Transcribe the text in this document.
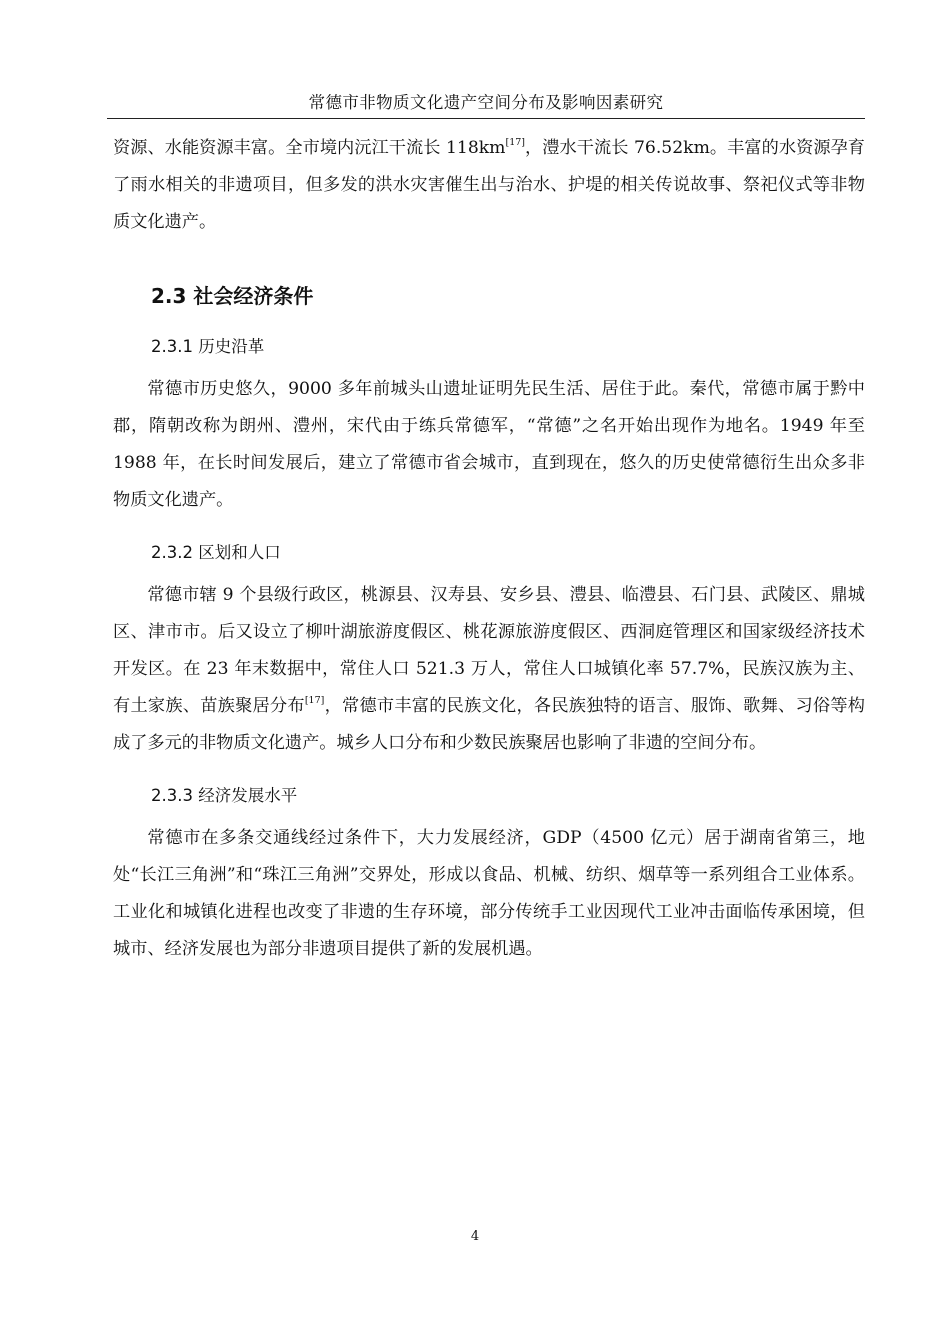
常德市非物质文化遗产空间分布及影响因素研究

资源、水能资源丰富。全市境内沅江干流长 118km[17]，澧水干流长 76.52km。丰富的水资源孕育了雨水相关的非遗项目，但多发的洪水灾害催生出与治水、护堤的相关传说故事、祭祀仪式等非物质文化遗产。

2.3 社会经济条件
2.3.1 历史沿革

常德市历史悠久，9000 多年前城头山遗址证明先民生活、居住于此。秦代，常德市属于黔中郡，隋朝改称为朗州、澧州，宋代由于练兵常德军，“常德”之名开始出现作为地名。1949 年至 1988 年，在长时间发展后，建立了常德市省会城市，直到现在，悠久的历史使常德衍生出众多非物质文化遗产。

2.3.2 区划和人口

常德市辖 9 个县级行政区，桃源县、汉寿县、安乡县、澧县、临澧县、石门县、武陵区、鼎城区、津市市。后又设立了柳叶湖旅游度假区、桃花源旅游度假区、西洞庭管理区和国家级经济技术开发区。在 23 年末数据中，常住人口 521.3 万人，常住人口城镇化率 57.7%，民族汉族为主、有土家族、苗族聚居分布[17]，常德市丰富的民族文化，各民族独特的语言、服饰、歌舞、习俗等构成了多元的非物质文化遗产。城乡人口分布和少数民族聚居也影响了非遗的空间分布。

2.3.3 经济发展水平

常德市在多条交通线经过条件下，大力发展经济，GDP（4500 亿元）居于湖南省第三，地处“长江三角洲”和“珠江三角洲”交界处，形成以食品、机械、纺织、烟草等一系列组合工业体系。工业化和城镇化进程也改变了非遗的生存环境，部分传统手工业因现代工业冲击面临传承困境，但城市、经济发展也为部分非遗项目提供了新的发展机遇。

4
